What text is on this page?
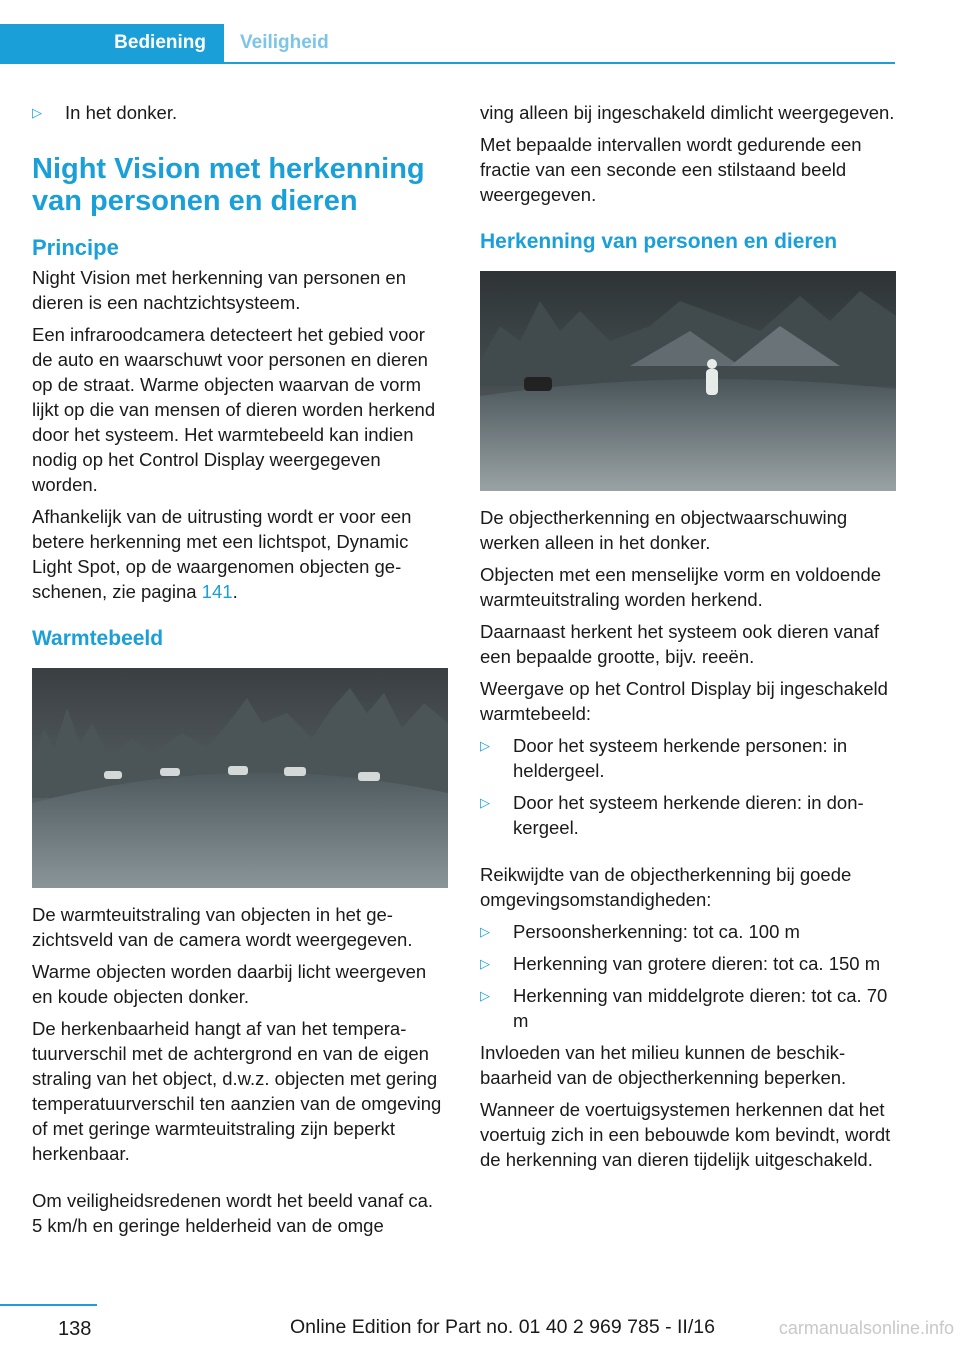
Bediening	Veiligheid
▷
In het donker.
Night Vision met herkenning van personen en dieren
Principe

Night Vision met herkenning van personen en dieren is een nachtzichtsysteem.

Een infraroodcamera detecteert het gebied voor de auto en waarschuwt voor personen en dieren op de straat. Warme objecten waarvan de vorm lijkt op die van mensen of dieren worden herkend door het systeem. Het warmtebeeld kan indien nodig op het Control Display weergegeven worden.

Afhankelijk van de uitrusting wordt er voor een betere herkenning met een lichtspot, Dynamic Light Spot, op de waargenomen objecten geschenen, zie pagina 141.

Warmtebeeld

De warmteuitstraling van objecten in het gezichtsveld van de camera wordt weergegeven.

Warme objecten worden daarbij licht weergeven en koude objecten donker.

De herkenbaarheid hangt af van het temperatuurverschil met de achtergrond en van de eigen straling van het object, d.w.z. objecten met gering temperatuurverschil ten aanzien van de omgeving of met geringe warmteuitstraling zijn beperkt herkenbaar.

Om veiligheidsredenen wordt het beeld vanaf ca. 5 km/h en geringe helderheid van de omge

ving alleen bij ingeschakeld dimlicht weergegeven.

Met bepaalde intervallen wordt gedurende een fractie van een seconde een stilstaand beeld weergegeven.

Herkenning van personen en dieren

De objectherkenning en objectwaarschuwing werken alleen in het donker.

Objecten met een menselijke vorm en voldoende warmteuitstraling worden herkend.

Daarnaast herkent het systeem ook dieren vanaf een bepaalde grootte, bijv. reeën.

Weergave op het Control Display bij ingeschakeld warmtebeeld:

▷
Door het systeem herkende personen: in heldergeel.
▷
Door het systeem herkende dieren: in donkergeel.

Reikwijdte van de objectherkenning bij goede omgevingsomstandigheden:

▷
Persoonsherkenning: tot ca. 100 m
▷
Herkenning van grotere dieren: tot ca. 150 m
▷
Herkenning van middelgrote dieren: tot ca. 70 m

Invloeden van het milieu kunnen de beschikbaarheid van de objectherkenning beperken.

Wanneer de voertuigsystemen herkennen dat het voertuig zich in een bebouwde kom bevindt, wordt de herkenning van dieren tijdelijk uitgeschakeld.

138	Online Edition for Part no. 01 40 2 969 785 - II/16	carmanualsonline.info
